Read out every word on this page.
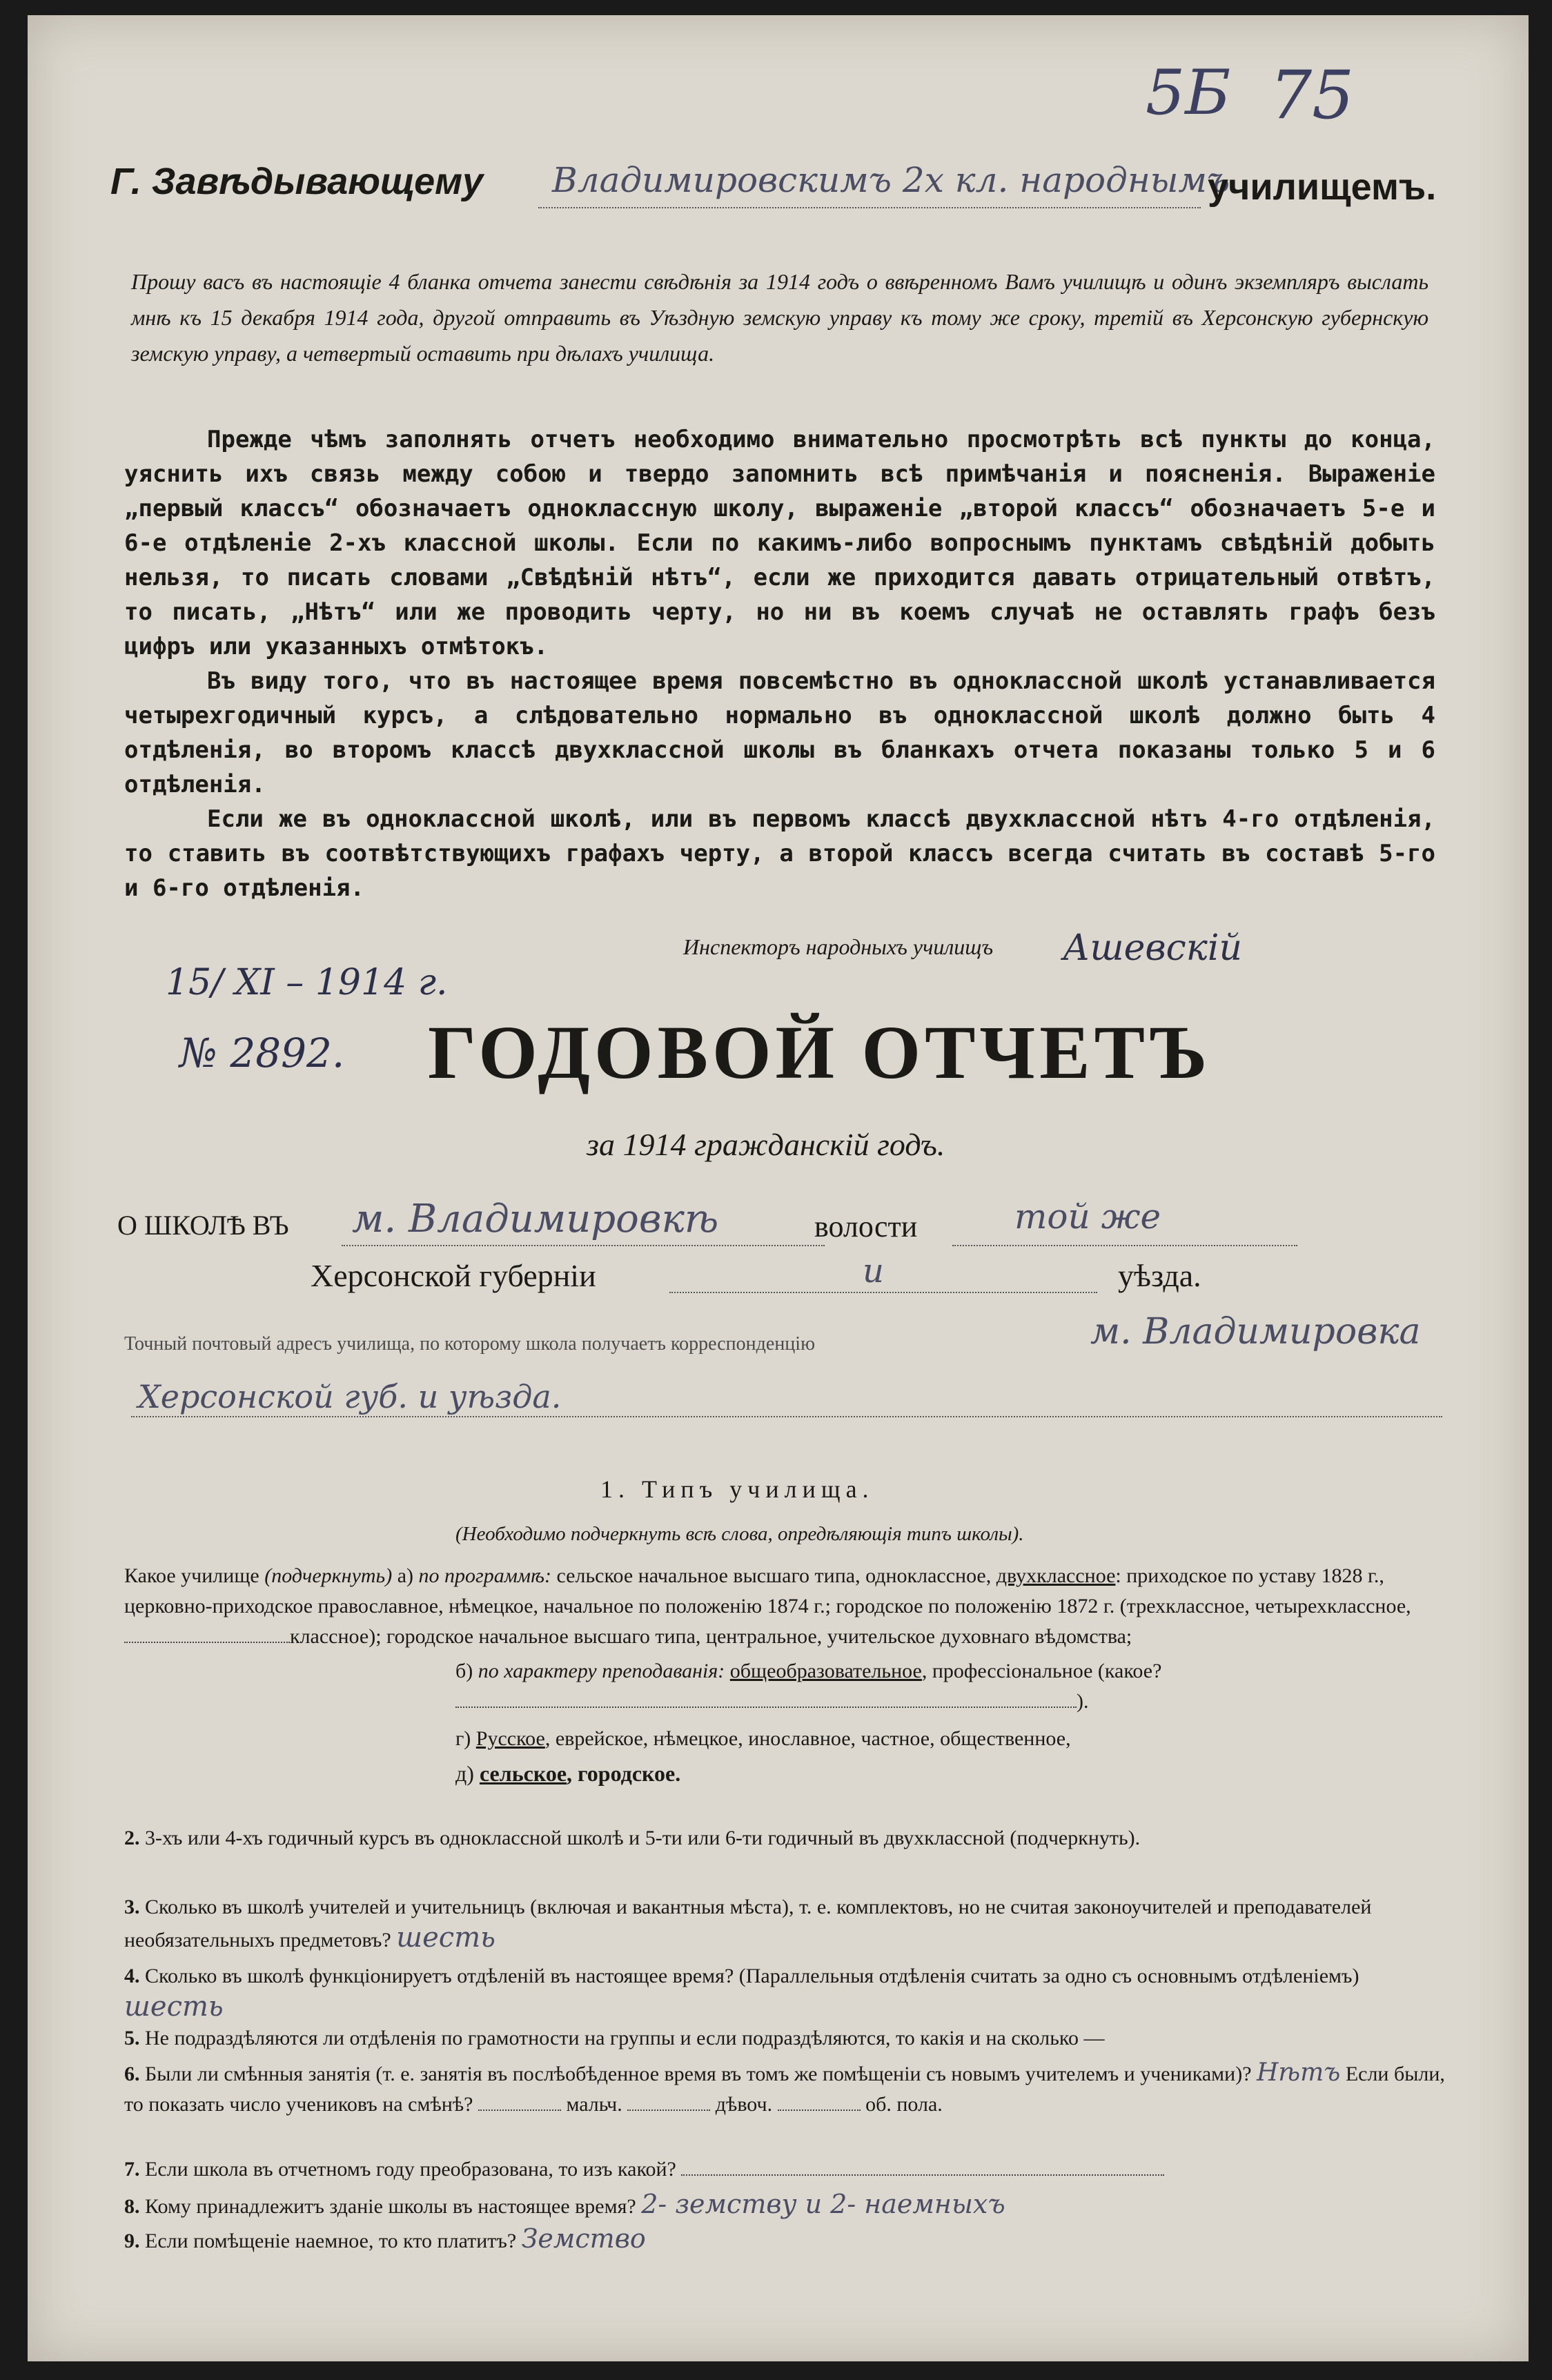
5Б 75
Г. Завѣдывающему Владимировскимъ 2х кл. народнымъ
училищемъ.
Прошу васъ въ настоящіе 4 бланка отчета занести свѣдѣнія за 1914 годъ о ввѣренномъ Вамъ училищѣ и одинъ экземпляръ выслать мнѣ къ 15 декабря 1914 года, другой отправить въ Уѣздную земскую управу къ тому же сроку, третій въ Херсонскую губернскую земскую управу, а четвертый оставить при дѣлахъ училища.

Прежде чѣмъ заполнять отчетъ необходимо внимательно просмотрѣть всѣ пункты до конца, уяснить ихъ связь между собою и твердо запомнить всѣ примѣчанія и поясненія. Выраженіе „первый классъ“ обозначаетъ одноклассную школу, выраженіе „второй классъ“ обозначаетъ 5-е и 6-е отдѣленіе 2-хъ классной школы. Если по какимъ-либо вопроснымъ пунктамъ свѣдѣній добыть нельзя, то писать словами „Свѣдѣній нѣтъ“, если же приходится давать отрицательный отвѣтъ, то писать, „Нѣтъ“ или же проводить черту, но ни въ коемъ случаѣ не оставлять графъ безъ цифръ или указанныхъ отмѣтокъ.

Въ виду того, что въ настоящее время повсемѣстно въ одноклассной школѣ устанавливается четырехгодичный курсъ, а слѣдовательно нормально въ одноклассной школѣ должно быть 4 отдѣленія, во второмъ классѣ двухклассной школы въ бланкахъ отчета показаны только 5 и 6 отдѣленія.

Если же въ одноклассной школѣ, или въ первомъ классѣ двухклассной нѣтъ 4-го отдѣленія, то ставить въ соотвѣтствующихъ графахъ черту, а второй классъ всегда считать въ составѣ 5-го и 6-го отдѣленія.

Инспекторъ народныхъ училищъ Ашевскій
15/ XI – 1914 г.
№ 2892. ГОДОВОЙ ОТЧЕТЪ
за 1914 гражданскій годъ.
О ШКОЛѢ ВЪ м. Владимировкѣ	волости	той же
Херсонской губерніи	и	уѣзда.
Точный почтовый адресъ училища, по которому школа получаетъ корреспонденцію	м. Владимировка
Херсонской губ. и уѣзда.
1. Типъ училища.
(Необходимо подчеркнуть всѣ слова, опредѣляющія типъ школы).
Какое училище (подчеркнуть) а) по программѣ: сельское начальное высшаго типа, одноклассное, двухклассное: приходское по уставу 1828 г., церковно-приходское православное, нѣмецкое, начальное по положенію 1874 г.; городское по положенію 1872 г. (трехклассное, четырехклассное, классное); городское начальное высшаго типа, центральное, учительское духовнаго вѣдомства;
б) по характеру преподаванія: общеобразовательное, профессіональное (какое? ).
г) Русское, еврейское, нѣмецкое, инославное, частное, общественное,
д) сельское, городское.
2. 3-хъ или 4-хъ годичный курсъ въ одноклассной школѣ и 5-ти или 6-ти годичный въ двухклассной (подчеркнуть).
3. Сколько въ школѣ учителей и учительницъ (включая и вакантныя мѣста), т. е. комплектовъ, но не считая законоучителей и преподавателей необязательныхъ предметовъ? шесть
4. Сколько въ школѣ функціонируетъ отдѣленій въ настоящее время? (Параллельныя отдѣленія считать за одно съ основнымъ отдѣленіемъ) шесть
5. Не подраздѣляются ли отдѣленія по грамотности на группы и если подраздѣляются, то какія и на сколько —
6. Были ли смѣнныя занятія (т. е. занятія въ послѣобѣденное время въ томъ же помѣщеніи съ новымъ учителемъ и учениками)? Нѣтъ Если были, то показать число учениковъ на смѣнѣ?	мальч.	дѣвоч.	об. пола.
7. Если школа въ отчетномъ году преобразована, то изъ какой?
8. Кому принадлежитъ зданіе школы въ настоящее время? 2- земству и 2- наемныхъ
9. Если помѣщеніе наемное, то кто платитъ? Земство
